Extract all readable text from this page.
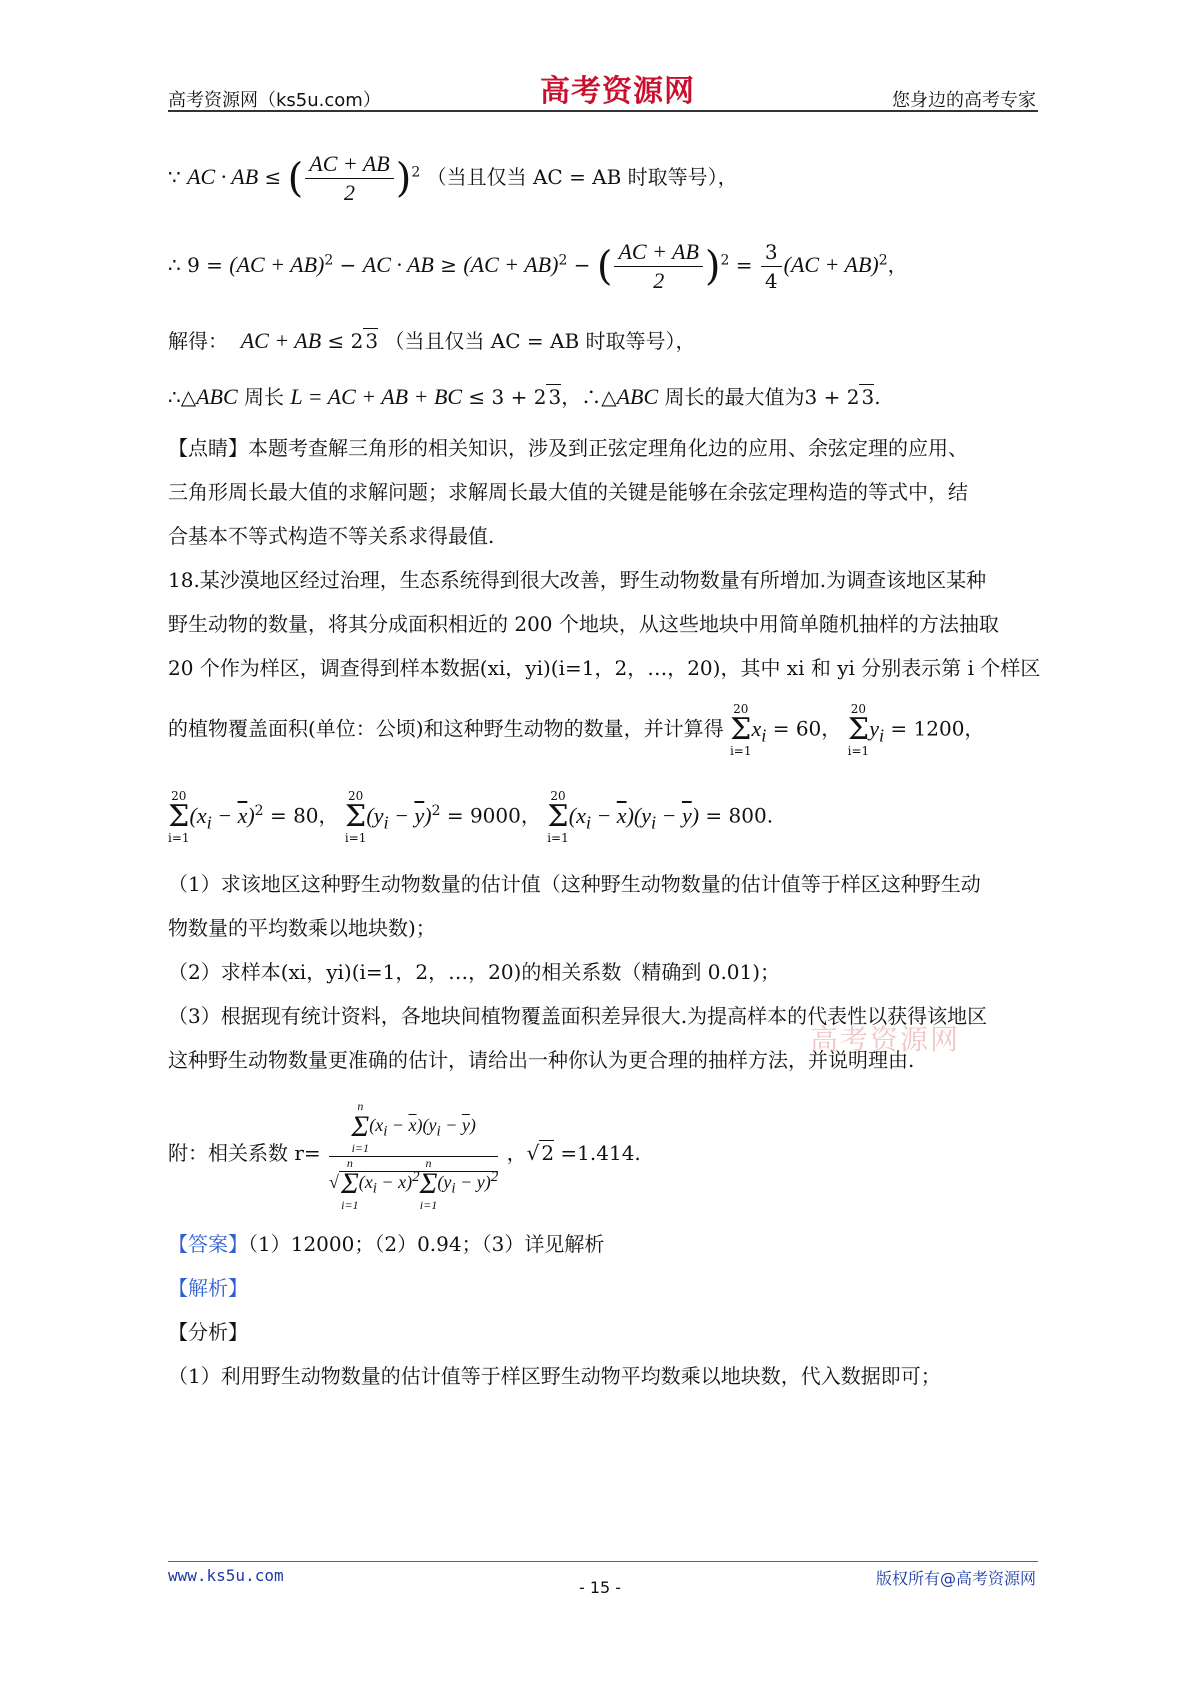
高考资源网（ks5u.com）	高考资源网	您身边的高考专家
∵ AC · AB ≤ ( $\frac{AC + AB}{2} )^2$ （当且仅当 AC = AB 时取等号），
∴ 9 = (AC + AB)$^2$ − AC · AB ≥ (AC + AB)$^2$ − ( $\frac{AC + AB}{2} )^2 = \frac{3}{4} (AC + AB)^2$，
解得： AC + AB ≤ 2 3 （当且仅当 AC = AB 时取等号），
∴△ABC 周长 L = AC + AB + BC ≤ 3 + 2 3，∴△ABC 周长的最大值为3 + 2 3.
【点睛】本题考查解三角形的相关知识，涉及到正弦定理角化边的应用、余弦定理的应用、
三角形周长最大值的求解问题；求解周长最大值的关键是能够在余弦定理构造的等式中，结
合基本不等式构造不等关系求得最值.
18.某沙漠地区经过治理，生态系统得到很大改善，野生动物数量有所增加.为调查该地区某种
野生动物的数量，将其分成面积相近的 200 个地块，从这些地块中用简单随机抽样的方法抽取
20 个作为样区，调查得到样本数据(xi，yi)(i=1，2，…，20)，其中 xi 和 yi 分别表示第 i 个样区
的植物覆盖面积(单位：公顷)和这种野生动物的数量，并计算得 20
Σ
$i=1x_i = 60$， 20
Σ
$i=1y_i = 1200$，
20
Σ
$i=1(x_i - \overline{x})^2 = 80$， 20
Σ
$i=1(y_i - \overline{y})^2 = 9000$， 20
Σ
$i=1(x_i - \overline{x})(y_i - \overline{y}) = 800$.
（1）求该地区这种野生动物数量的估计值（这种野生动物数量的估计值等于样区这种野生动
物数量的平均数乘以地块数)；
（2）求样本(xi，yi)(i=1，2，…，20)的相关系数（精确到 0.01)；
（3）根据现有统计资料，各地块间植物覆盖面积差异很大.为提高样本的代表性以获得该地区
这种野生动物数量更准确的估计，请给出一种你认为更合理的抽样方法，并说明理由.
高考资源网
附：相关系数 r= n
Σ
$i=1(x_i - \overline{x})(y_i - \overline{y})$
√n
Σ
$i=1(x_i - \overline{x})^2n$
Σ
$i=1(y_i - \overline{y})^2$ ，√ 2 =1.414.
【答案】（1）12000；（2）0.94；（3）详见解析
【解析】
【分析】
（1）利用野生动物数量的估计值等于样区野生动物平均数乘以地块数，代入数据即可；
www.ks5u.com	版权所有@高考资源网
- 15 -
